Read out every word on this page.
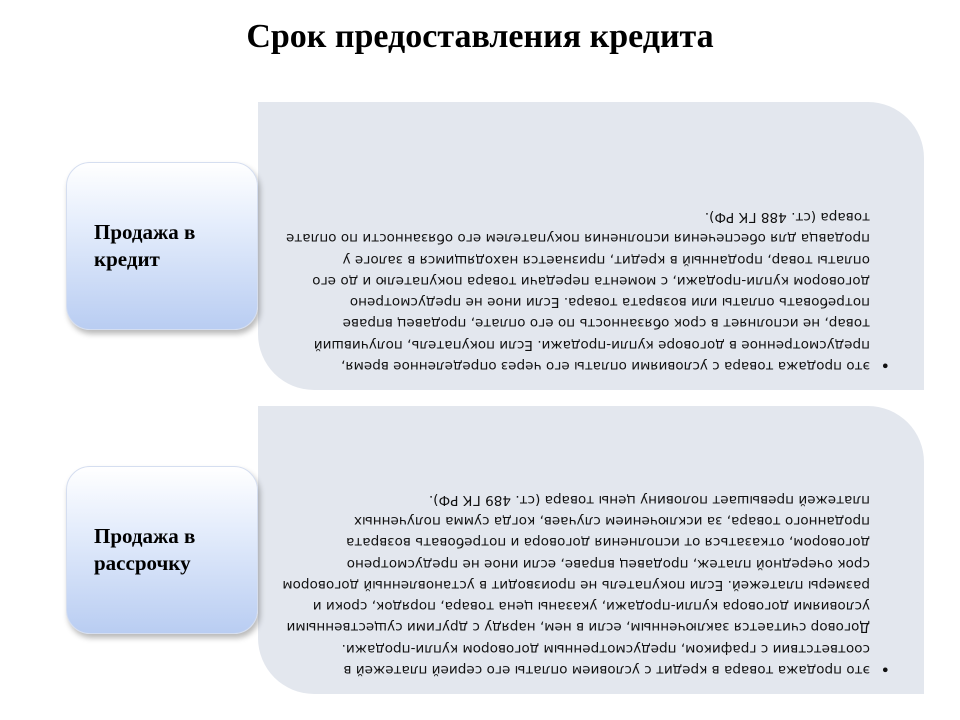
Срок предоставления кредита
•
это продажа товара с условиями оплаты его через определенное время, предусмотренное в договоре купли-продажи. Если покупатель, получивший товар, не исполняет в срок обязанность по его оплате, продавец вправе потребовать оплаты или возврата товара. Если иное не предусмотрено договором купли-продажи, с момента передачи товара покупателю и до его оплаты товар, проданный в кредит, признается находящимся в залоге у продавца для обеспечения исполнения покупателем его обязанности по оплате товара (ст. 488 ГК РФ).
Продажа в
кредит
•
это продажа товара в кредит с условием оплаты его серией платежей в соответствии с графиком, предусмотренным договором купли-продажи. Договор считается заключенным, если в нем, наряду с другими существенными условиями договора купли-продажи, указаны цена товара, порядок, сроки и размеры платежей. Если покупатель не производит в установленный договором срок очередной платеж, продавец вправе, если иное не предусмотрено договором, отказаться от исполнения договора и потребовать возврата проданного товара, за исключением случаев, когда сумма полученных платежей превышает половину цены товара (ст. 489 ГК РФ).
Продажа в
рассрочку
